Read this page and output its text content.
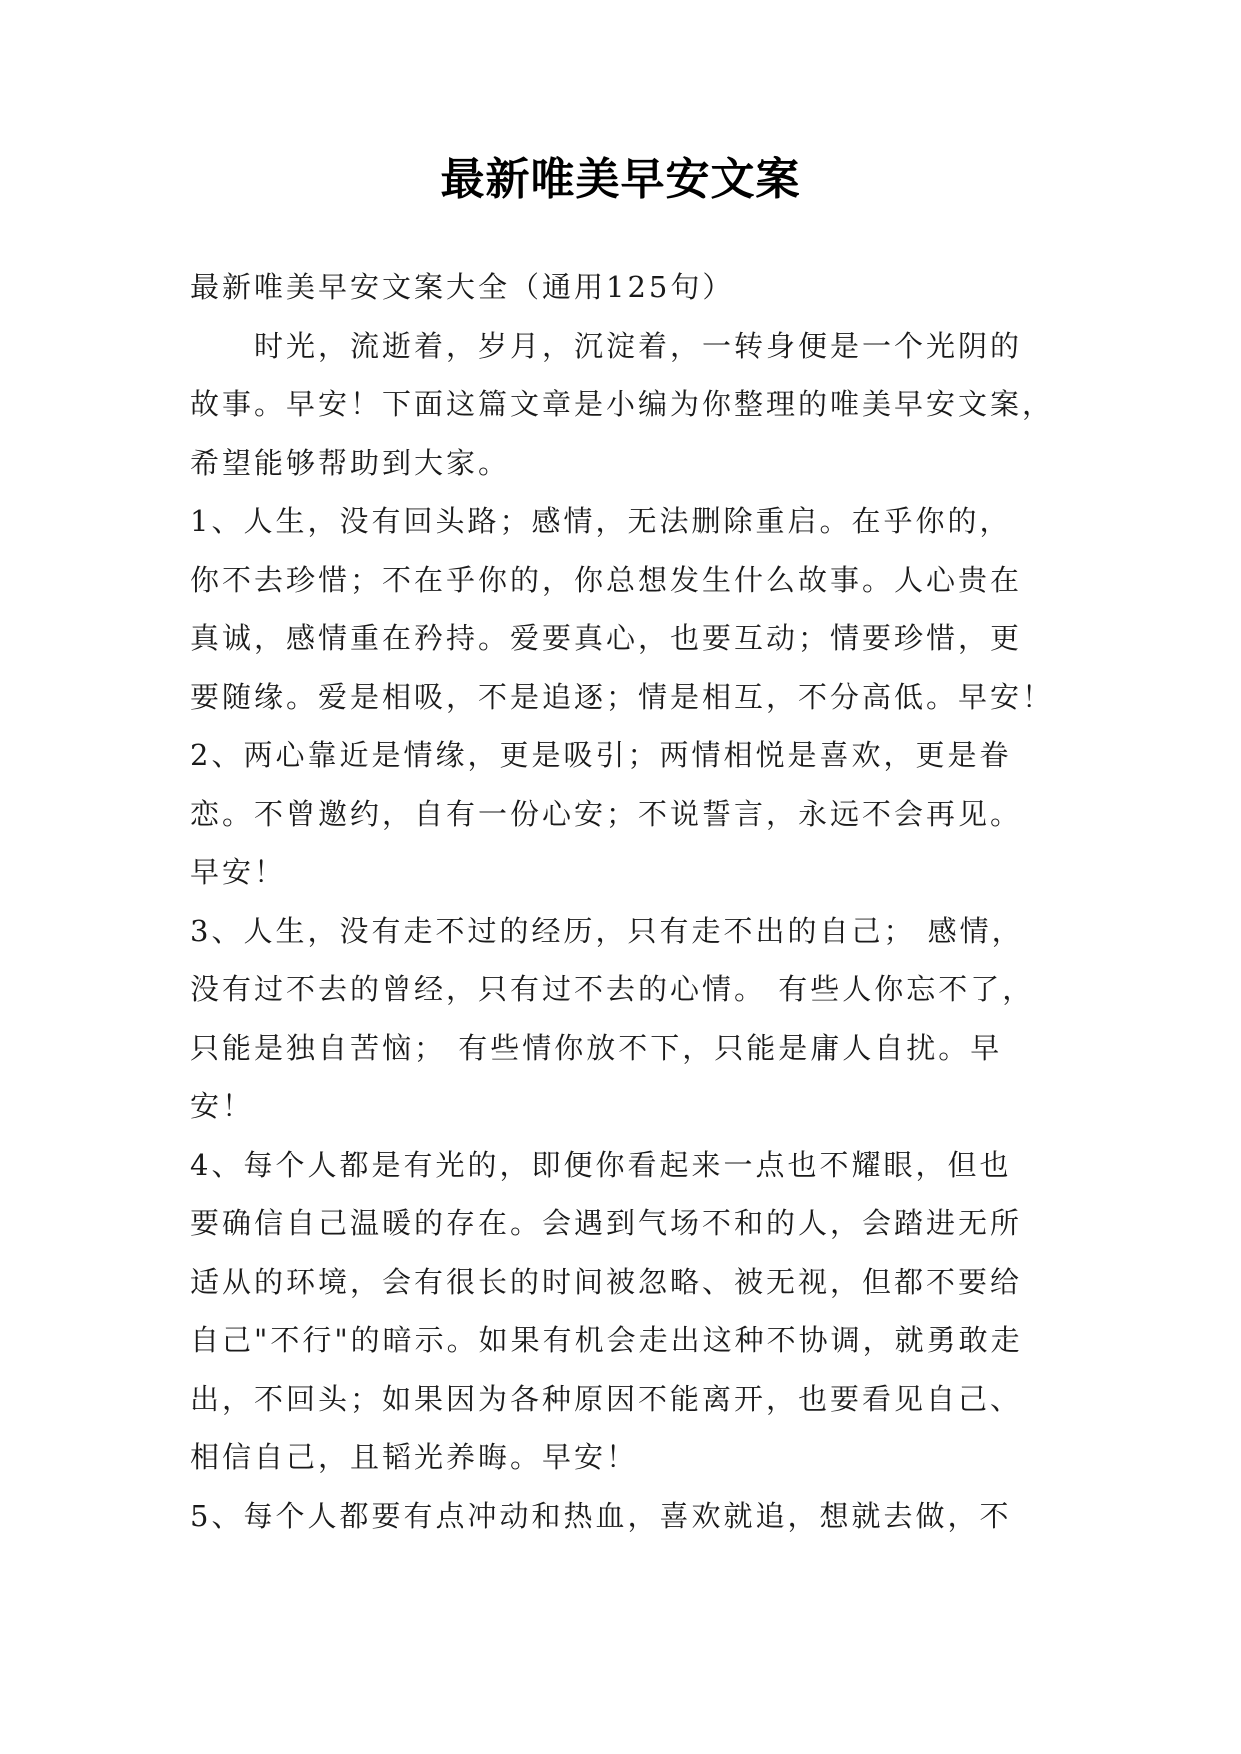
最新唯美早安文案

最新唯美早安文案大全（通用125句）

　　时光，流逝着，岁月，沉淀着，一转身便是一个光阴的

故事。早安！下面这篇文章是小编为你整理的唯美早安文案，

希望能够帮助到大家。

1、人生，没有回头路；感情，无法删除重启。在乎你的，

你不去珍惜；不在乎你的，你总想发生什么故事。人心贵在

真诚，感情重在矜持。爱要真心，也要互动；情要珍惜，更

要随缘。爱是相吸，不是追逐；情是相互，不分高低。早安！

2、两心靠近是情缘，更是吸引；两情相悦是喜欢，更是眷

恋。不曾邀约，自有一份心安；不说誓言，永远不会再见。

早安！

3、人生，没有走不过的经历，只有走不出的自己； 感情，

没有过不去的曾经，只有过不去的心情。 有些人你忘不了，

只能是独自苦恼； 有些情你放不下，只能是庸人自扰。早

安！

4、每个人都是有光的，即便你看起来一点也不耀眼，但也

要确信自己温暖的存在。会遇到气场不和的人，会踏进无所

适从的环境，会有很长的时间被忽略、被无视，但都不要给

自己"不行"的暗示。如果有机会走出这种不协调，就勇敢走

出，不回头；如果因为各种原因不能离开，也要看见自己、

相信自己，且韬光养晦。早安！

5、每个人都要有点冲动和热血，喜欢就追，想就去做，不
